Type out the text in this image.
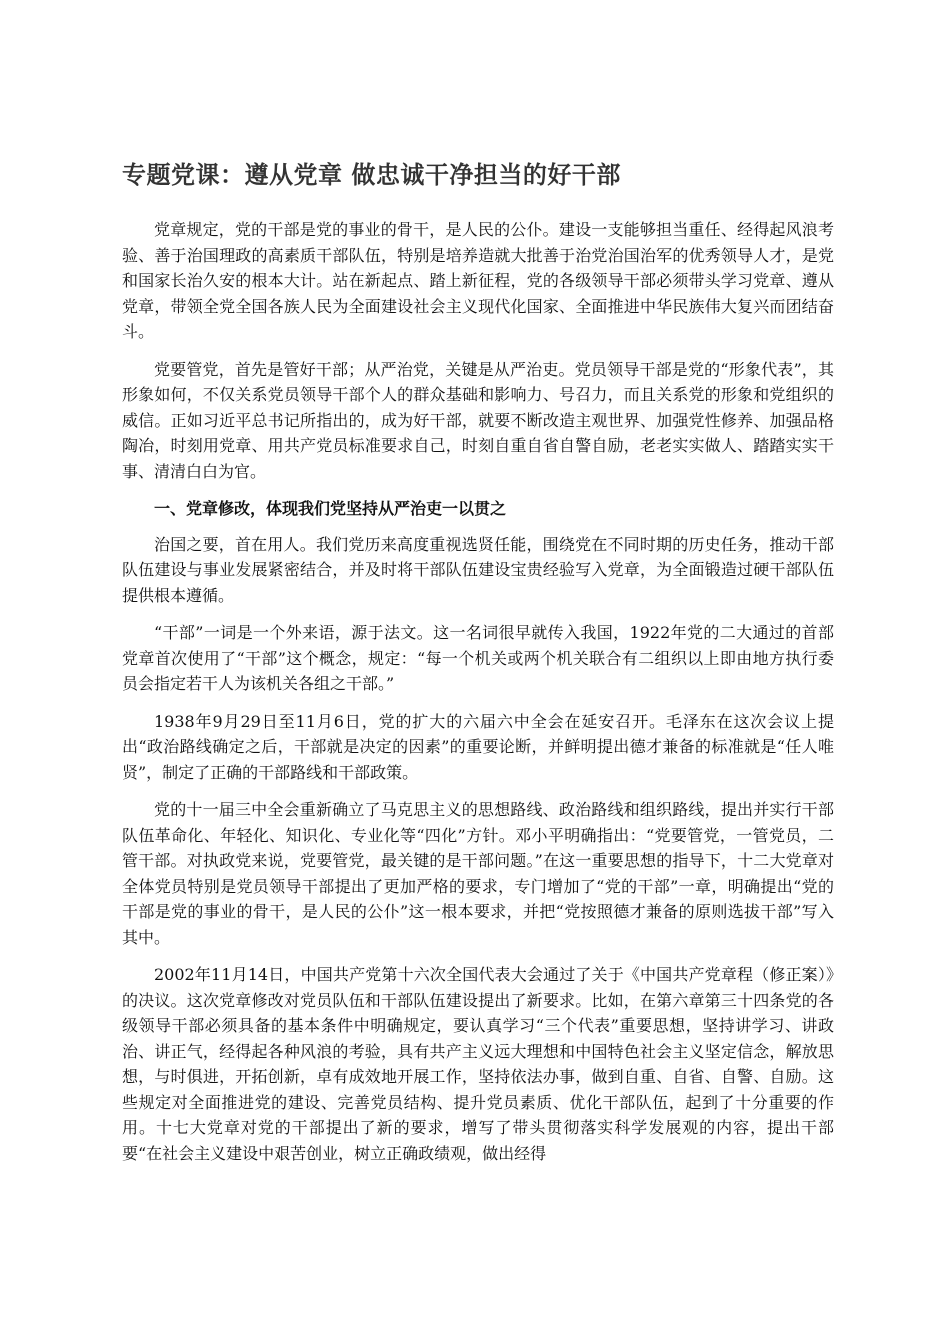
专题党课：遵从党章 做忠诚干净担当的好干部

党章规定，党的干部是党的事业的骨干，是人民的公仆。建设一支能够担当重任、经得起风浪考验、善于治国理政的高素质干部队伍，特别是培养造就大批善于治党治国治军的优秀领导人才，是党和国家长治久安的根本大计。站在新起点、踏上新征程，党的各级领导干部必须带头学习党章、遵从党章，带领全党全国各族人民为全面建设社会主义现代化国家、全面推进中华民族伟大复兴而团结奋斗。

党要管党，首先是管好干部；从严治党，关键是从严治吏。党员领导干部是党的“形象代表”，其形象如何，不仅关系党员领导干部个人的群众基础和影响力、号召力，而且关系党的形象和党组织的威信。正如习近平总书记所指出的，成为好干部，就要不断改造主观世界、加强党性修养、加强品格陶冶，时刻用党章、用共产党员标准要求自己，时刻自重自省自警自励，老老实实做人、踏踏实实干事、清清白白为官。

一、党章修改，体现我们党坚持从严治吏一以贯之

治国之要，首在用人。我们党历来高度重视选贤任能，围绕党在不同时期的历史任务，推动干部队伍建设与事业发展紧密结合，并及时将干部队伍建设宝贵经验写入党章，为全面锻造过硬干部队伍提供根本遵循。

“干部”一词是一个外来语，源于法文。这一名词很早就传入我国，1922年党的二大通过的首部党章首次使用了“干部”这个概念，规定：“每一个机关或两个机关联合有二组织以上即由地方执行委员会指定若干人为该机关各组之干部。”

1938年9月29日至11月6日，党的扩大的六届六中全会在延安召开。毛泽东在这次会议上提出“政治路线确定之后，干部就是决定的因素”的重要论断，并鲜明提出德才兼备的标准就是“任人唯贤”，制定了正确的干部路线和干部政策。

党的十一届三中全会重新确立了马克思主义的思想路线、政治路线和组织路线，提出并实行干部队伍革命化、年轻化、知识化、专业化等“四化”方针。邓小平明确指出：“党要管党，一管党员，二管干部。对执政党来说，党要管党，最关键的是干部问题。”在这一重要思想的指导下，十二大党章对全体党员特别是党员领导干部提出了更加严格的要求，专门增加了“党的干部”一章，明确提出“党的干部是党的事业的骨干，是人民的公仆”这一根本要求，并把“党按照德才兼备的原则选拔干部”写入其中。

2002年11月14日，中国共产党第十六次全国代表大会通过了关于《中国共产党章程（修正案）》的决议。这次党章修改对党员队伍和干部队伍建设提出了新要求。比如，在第六章第三十四条党的各级领导干部必须具备的基本条件中明确规定，要认真学习“三个代表”重要思想，坚持讲学习、讲政治、讲正气，经得起各种风浪的考验，具有共产主义远大理想和中国特色社会主义坚定信念，解放思想，与时俱进，开拓创新，卓有成效地开展工作，坚持依法办事，做到自重、自省、自警、自励。这些规定对全面推进党的建设、完善党员结构、提升党员素质、优化干部队伍，起到了十分重要的作用。十七大党章对党的干部提出了新的要求，增写了带头贯彻落实科学发展观的内容，提出干部要“在社会主义建设中艰苦创业，树立正确政绩观，做出经得
